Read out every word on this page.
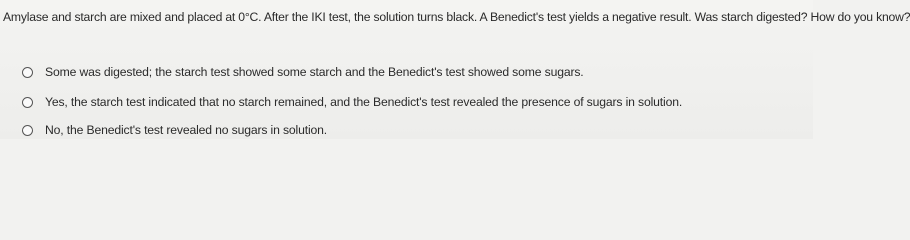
Amylase and starch are mixed and placed at 0°C. After the IKI test, the solution turns black. A Benedict's test yields a negative result. Was starch digested? How do you know?
Some was digested; the starch test showed some starch and the Benedict's test showed some sugars.
Yes, the starch test indicated that no starch remained, and the Benedict's test revealed the presence of sugars in solution.
No, the Benedict's test revealed no sugars in solution.
